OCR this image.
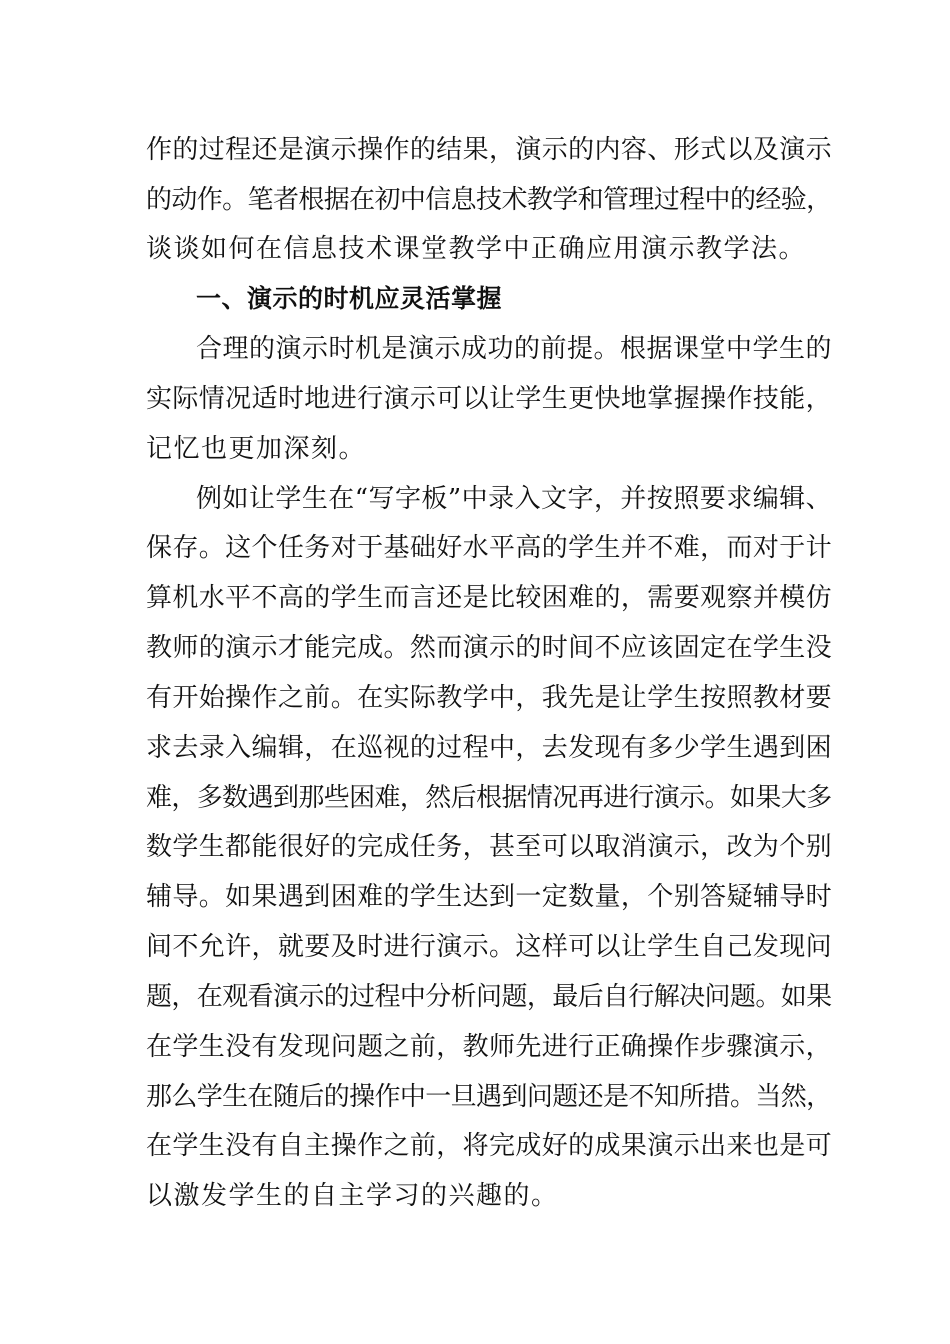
作的过程还是演示操作的结果，演示的内容、形式以及演示
的动作。笔者根据在初中信息技术教学和管理过程中的经验，
谈谈如何在信息技术课堂教学中正确应用演示教学法。
一、演示的时机应灵活掌握
合理的演示时机是演示成功的前提。根据课堂中学生的
实际情况适时地进行演示可以让学生更快地掌握操作技能，
记忆也更加深刻。
例如让学生在“写字板”中录入文字，并按照要求编辑、
保存。这个任务对于基础好水平高的学生并不难，而对于计
算机水平不高的学生而言还是比较困难的，需要观察并模仿
教师的演示才能完成。然而演示的时间不应该固定在学生没
有开始操作之前。在实际教学中，我先是让学生按照教材要
求去录入编辑，在巡视的过程中，去发现有多少学生遇到困
难，多数遇到那些困难，然后根据情况再进行演示。如果大多
数学生都能很好的完成任务，甚至可以取消演示，改为个别
辅导。如果遇到困难的学生达到一定数量，个别答疑辅导时
间不允许，就要及时进行演示。这样可以让学生自己发现问
题，在观看演示的过程中分析问题，最后自行解决问题。如果
在学生没有发现问题之前，教师先进行正确操作步骤演示，
那么学生在随后的操作中一旦遇到问题还是不知所措。当然，
在学生没有自主操作之前，将完成好的成果演示出来也是可
以激发学生的自主学习的兴趣的。
